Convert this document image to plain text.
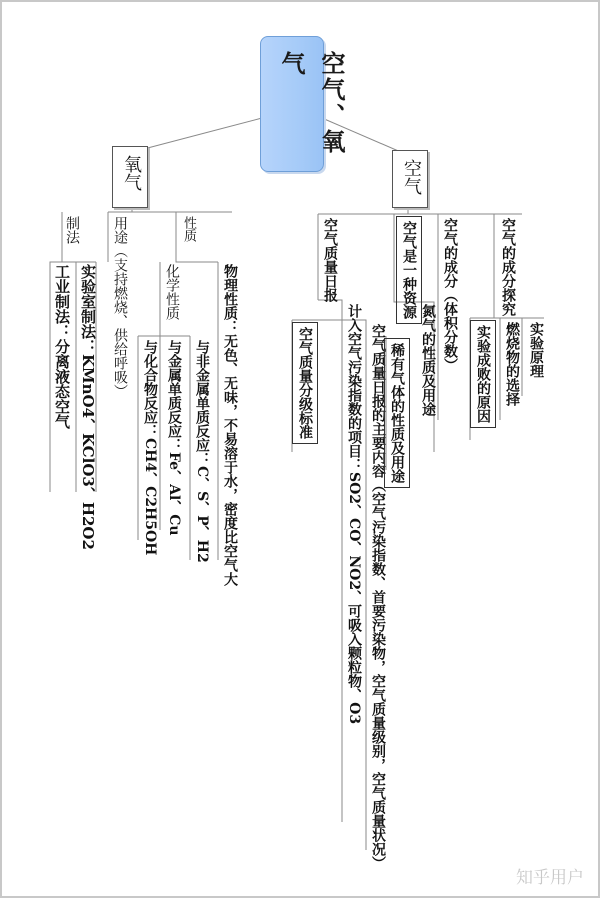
空气、氧气
氧气	空气
制法
工业制法：分离液态空气 实验室制法：KMnO4、KClO3、H2O2 用途（支持燃烧、供给呼吸）	性质
化学性质
与化合物反应：CH4、C2H5OH 与金属单质反应：Fe、Al、Cu 与非金属单质反应：C、S、P、H2 物理性质：无色、无味，不易溶于水，密度比空气大
空气质量日报
空气质量分级标准	计入空气污染指数的项目：SO2、CO、NO2、可吸入颗粒物、O3 空气质量日报的主要内容（空气污染指数、首要污染物，空气质量级别，空气质量状况）
空气是一种资源
稀有气体的性质及用途	氮气的性质及用途 空气的成分（体积分数）	空气的成分探究
实验成败的原因 燃烧物的选择 实验原理
知乎用户
